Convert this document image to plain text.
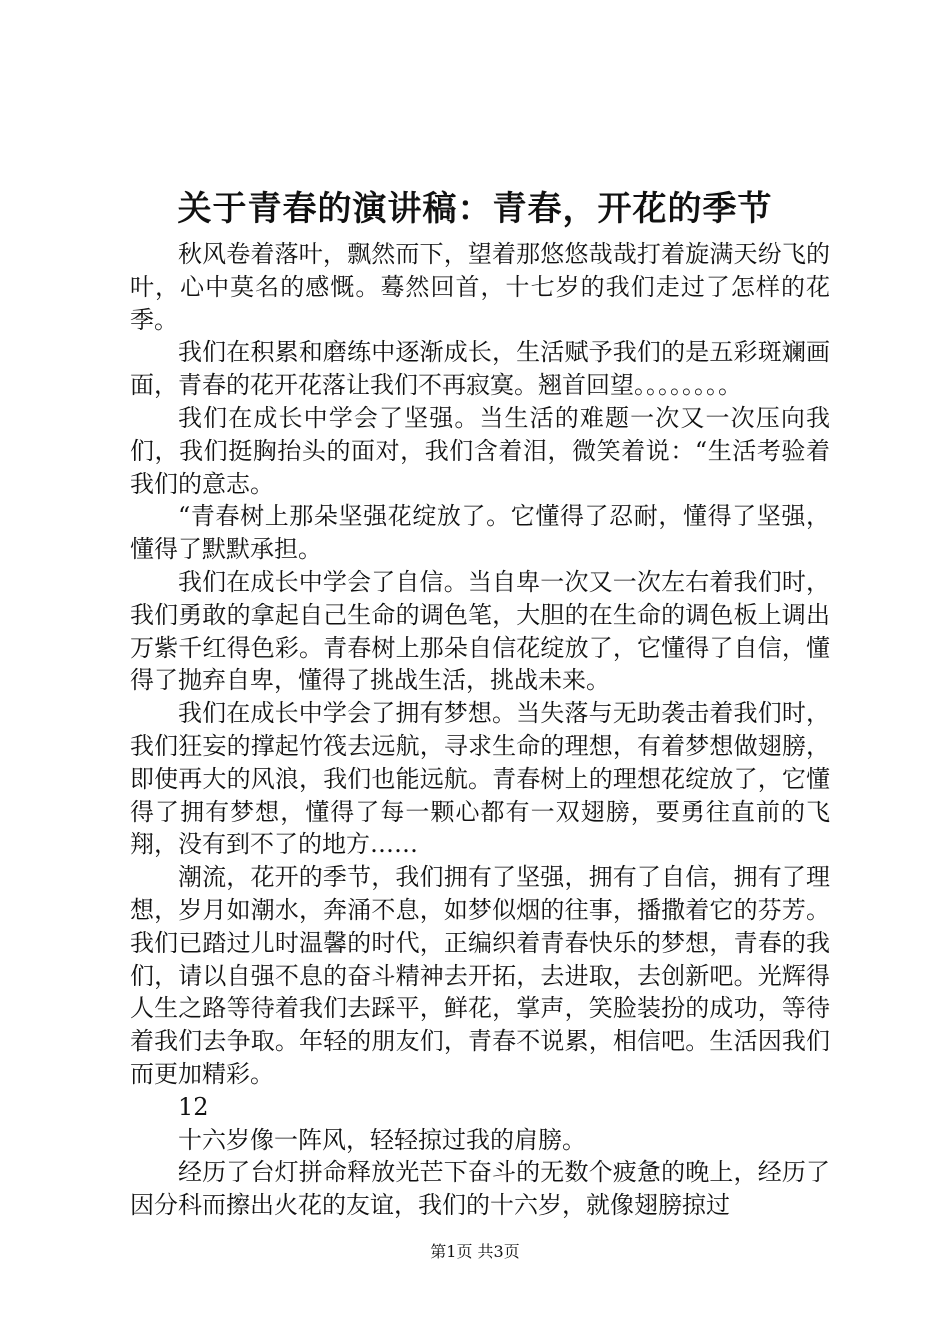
关于青春的演讲稿：青春，开花的季节

秋风卷着落叶，飘然而下，望着那悠悠哉哉打着旋满天纷飞的叶，心中莫名的感慨。蓦然回首，十七岁的我们走过了怎样的花季。

我们在积累和磨练中逐渐成长，生活赋予我们的是五彩斑斓画面，青春的花开花落让我们不再寂寞。翘首回望。。。。。。。。

我们在成长中学会了坚强。当生活的难题一次又一次压向我们，我们挺胸抬头的面对，我们含着泪，微笑着说：“生活考验着我们的意志。

“青春树上那朵坚强花绽放了。它懂得了忍耐，懂得了坚强，懂得了默默承担。

我们在成长中学会了自信。当自卑一次又一次左右着我们时，我们勇敢的拿起自己生命的调色笔，大胆的在生命的调色板上调出万紫千红得色彩。青春树上那朵自信花绽放了，它懂得了自信，懂得了抛弃自卑，懂得了挑战生活，挑战未来。

我们在成长中学会了拥有梦想。当失落与无助袭击着我们时，我们狂妄的撑起竹筏去远航，寻求生命的理想，有着梦想做翅膀，即使再大的风浪，我们也能远航。青春树上的理想花绽放了，它懂得了拥有梦想，懂得了每一颗心都有一双翅膀，要勇往直前的飞翔，没有到不了的地方……

潮流，花开的季节，我们拥有了坚强，拥有了自信，拥有了理想，岁月如潮水，奔涌不息，如梦似烟的往事，播撒着它的芬芳。我们已踏过儿时温馨的时代，正编织着青春快乐的梦想，青春的我们，请以自强不息的奋斗精神去开拓，去进取，去创新吧。光辉得人生之路等待着我们去踩平，鲜花，掌声，笑脸装扮的成功，等待着我们去争取。年轻的朋友们，青春不说累，相信吧。生活因我们而更加精彩。

12

十六岁像一阵风，轻轻掠过我的肩膀。

经历了台灯拼命释放光芒下奋斗的无数个疲惫的晚上，经历了因分科而擦出火花的友谊，我们的十六岁，就像翅膀掠过

第1页 共3页
